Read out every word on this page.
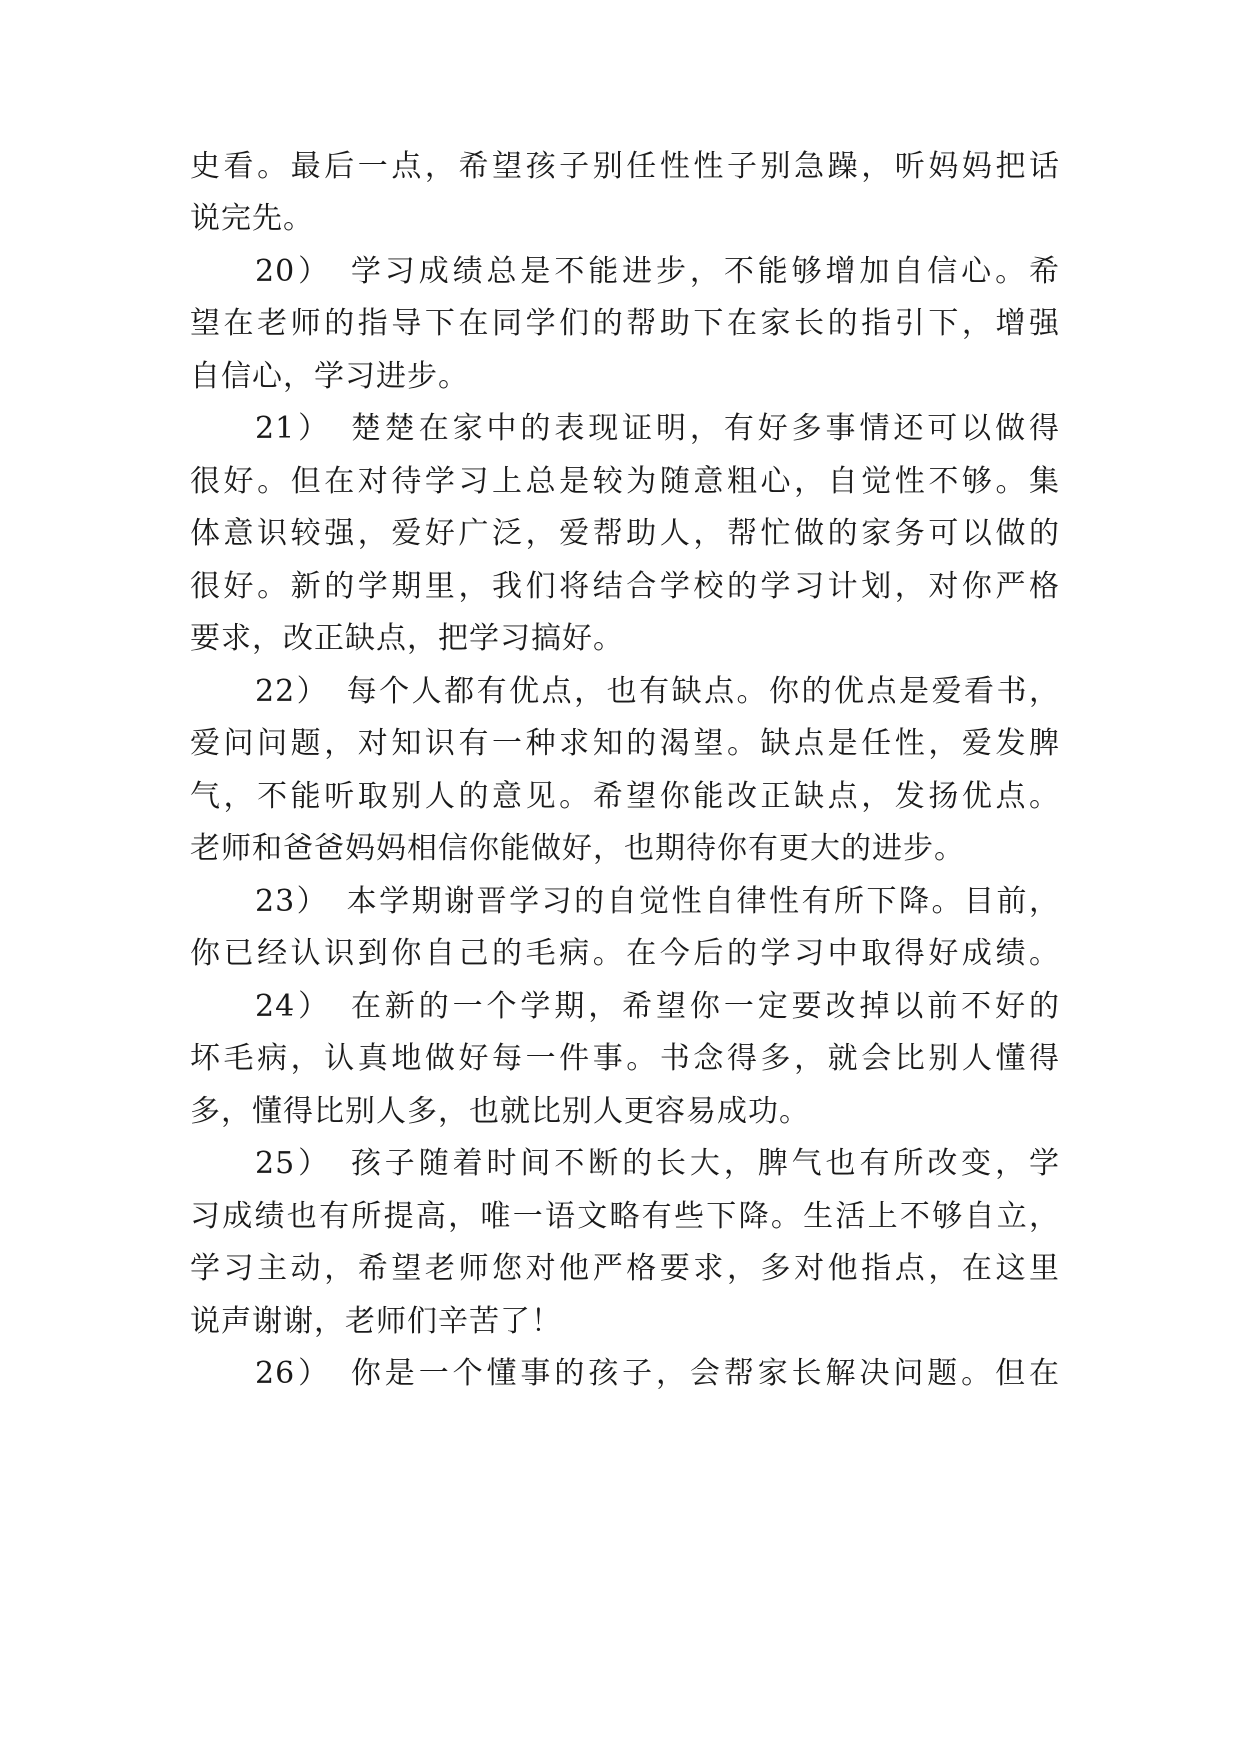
史看。最后一点，希望孩子别任性性子别急躁，听妈妈把话
说完先。
20）　学习成绩总是不能进步，不能够增加自信心。希
望在老师的指导下在同学们的帮助下在家长的指引下，增强
自信心，学习进步。
21）　楚楚在家中的表现证明，有好多事情还可以做得
很好。但在对待学习上总是较为随意粗心，自觉性不够。集
体意识较强，爱好广泛，爱帮助人，帮忙做的家务可以做的
很好。新的学期里，我们将结合学校的学习计划，对你严格
要求，改正缺点，把学习搞好。
22）　每个人都有优点，也有缺点。你的优点是爱看书，
爱问问题，对知识有一种求知的渴望。缺点是任性，爱发脾
气，不能听取别人的意见。希望你能改正缺点，发扬优点。
老师和爸爸妈妈相信你能做好，也期待你有更大的进步。
23）　本学期谢晋学习的自觉性自律性有所下降。目前，
你已经认识到你自己的毛病。在今后的学习中取得好成绩。
24）　在新的一个学期，希望你一定要改掉以前不好的
坏毛病，认真地做好每一件事。书念得多，就会比别人懂得
多，懂得比别人多，也就比别人更容易成功。
25）　孩子随着时间不断的长大，脾气也有所改变，学
习成绩也有所提高，唯一语文略有些下降。生活上不够自立，
学习主动，希望老师您对他严格要求，多对他指点，在这里
说声谢谢，老师们辛苦了！
26）　你是一个懂事的孩子，会帮家长解决问题。但在
